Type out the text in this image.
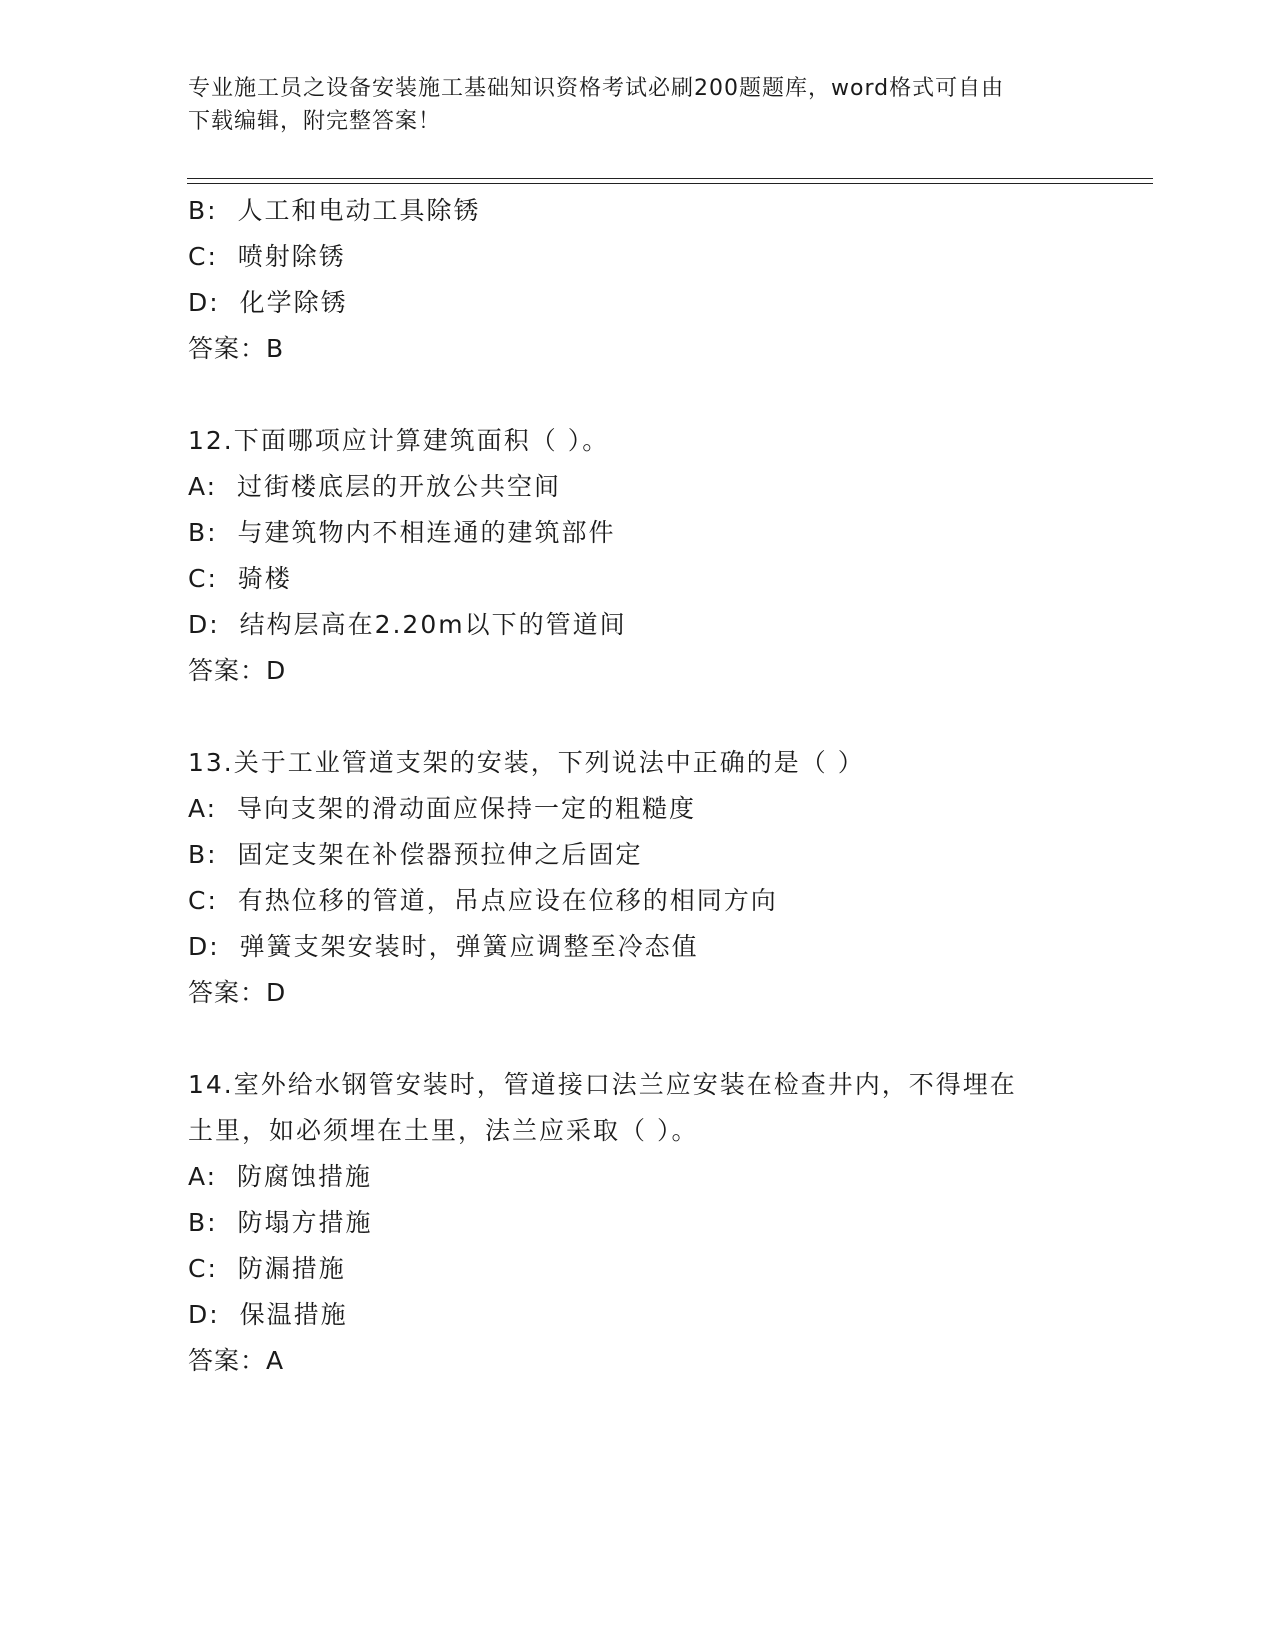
专业施工员之设备安装施工基础知识资格考试必刷200题题库，word格式可自由
下载编辑，附完整答案！
B:  人工和电动工具除锈
C:  喷射除锈
D:  化学除锈
答案：B
12.下面哪项应计算建筑面积（ ）。
A:  过街楼底层的开放公共空间
B:  与建筑物内不相连通的建筑部件
C:  骑楼
D:  结构层高在2.20m以下的管道间
答案：D
13.关于工业管道支架的安装，下列说法中正确的是（ ）
A:  导向支架的滑动面应保持一定的粗糙度
B:  固定支架在补偿器预拉伸之后固定
C:  有热位移的管道，吊点应设在位移的相同方向
D:  弹簧支架安装时，弹簧应调整至冷态值
答案：D
14.室外给水钢管安装时，管道接口法兰应安装在检查井内，不得埋在
土里，如必须埋在土里，法兰应采取（ ）。
A:  防腐蚀措施
B:  防塌方措施
C:  防漏措施
D:  保温措施
答案：A
